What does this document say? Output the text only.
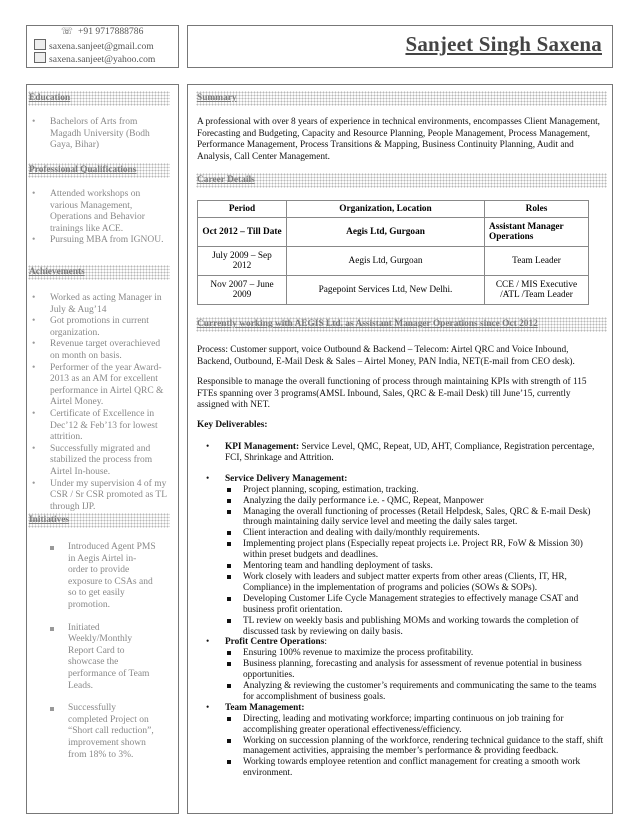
☏ +91 9717888786
saxena.sanjeet@gmail.com
saxena.sanjeet@yahoo.com
Sanjeet Singh Saxena
Education
• Bachelors of Arts from Magadh University (Bodh Gaya, Bihar)
Professional Qualifications
• Attended workshops on various Management, Operations and Behavior trainings like ACE.
• Pursuing MBA from IGNOU.
Achievements
• Worked as acting Manager in July & Aug’14
• Got promotions in current organization.
• Revenue target overachieved on month on basis.
• Performer of the year Award-2013 as an AM for excellent performance in Airtel QRC & Airtel Money.
• Certificate of Excellence in Dec’12 & Feb’13 for lowest attrition.
• Successfully migrated and stabilized the process from Airtel In-house.
• Under my supervision 4 of my CSR / Sr CSR promoted as TL through IJP.
Initiatives
Introduced Agent PMS in Aegis Airtel in-order to provide exposure to CSAs and so to get easily promotion.
Initiated Weekly/Monthly Report Card to showcase the performance of Team Leads.
Successfully completed Project on “Short call reduction”, improvement shown from 18% to 3%.
Summary
A professional with over 8 years of experience in technical environments, encompasses Client Management, Forecasting and Budgeting, Capacity and Resource Planning, People Management, Process Management, Performance Management, Process Transitions & Mapping, Business Continuity Planning, Audit and Analysis, Call Center Management.
Career Details
Period	Organization, Location	Roles
Oct 2012 – Till Date	Aegis Ltd, Gurgoan	Assistant Manager Operations
July 2009 – Sep 2012	Aegis Ltd, Gurgoan	Team Leader
Nov 2007 – June 2009	Pagepoint Services Ltd, New Delhi.	CCE / MIS Executive /ATL /Team Leader
Currently working with AEGIS Ltd. as Assistant Manager Operations since Oct 2012
Process: Customer support, voice Outbound & Backend – Telecom: Airtel QRC and Voice Inbound, Backend, Outbound, E-Mail Desk & Sales – Airtel Money, PAN India, NET(E-mail from CEO desk).
Responsible to manage the overall functioning of process through maintaining KPIs with strength of 115 FTEs spanning over 3 programs(AMSL Inbound, Sales, QRC & E-mail Desk) till June’15, currently assigned with NET.
Key Deliverables:
• KPI Management: Service Level, QMC, Repeat, UD, AHT, Compliance, Registration percentage, FCI, Shrinkage and Attrition.
• Service Delivery Management:
Project planning, scoping, estimation, tracking.
Analyzing the daily performance i.e. - QMC, Repeat, Manpower
Managing the overall functioning of processes (Retail Helpdesk, Sales, QRC & E-mail Desk) through maintaining daily service level and meeting the daily sales target.
Client interaction and dealing with daily/monthly requirements.
Implementing project plans (Especially repeat projects i.e. Project RR, FoW & Mission 30) within preset budgets and deadlines.
Mentoring team and handling deployment of tasks.
Work closely with leaders and subject matter experts from other areas (Clients, IT, HR, Compliance) in the implementation of programs and policies (SOWs & SOPs).
Developing Customer Life Cycle Management strategies to effectively manage CSAT and business profit orientation.
TL review on weekly basis and publishing MOMs and working towards the completion of discussed task by reviewing on daily basis.
• Profit Centre Operations:
Ensuring 100% revenue to maximize the process profitability.
Business planning, forecasting and analysis for assessment of revenue potential in business opportunities.
Analyzing & reviewing the customer’s requirements and communicating the same to the teams for accomplishment of business goals.
• Team Management:
Directing, leading and motivating workforce; imparting continuous on job training for accomplishing greater operational effectiveness/efficiency.
Working on succession planning of the workforce, rendering technical guidance to the staff, shift management activities, appraising the member’s performance & providing feedback.
Working towards employee retention and conflict management for creating a smooth work environment.
